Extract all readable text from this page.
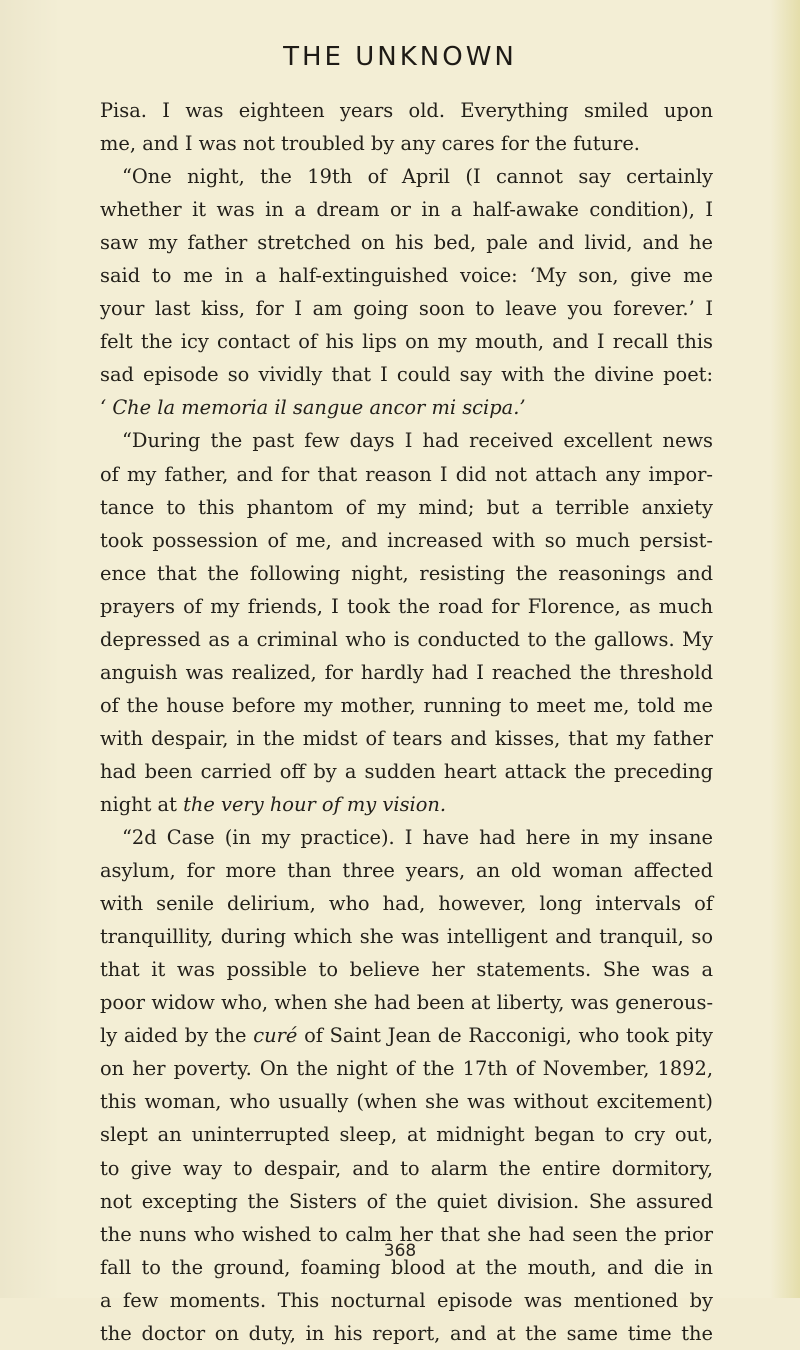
THE UNKNOWN
Pisa. I was eighteen years old. Everything smiled upon
me, and I was not troubled by any cares for the future.
“One night, the 19th of April (I cannot say certainly
whether it was in a dream or in a half-awake condition), I
saw my father stretched on his bed, pale and livid, and he
said to me in a half-extinguished voice: ‘My son, give me
your last kiss, for I am going soon to leave you forever.’ I
felt the icy contact of his lips on my mouth, and I recall this
sad episode so vividly that I could say with the divine poet:
‘ Che la memoria il sangue ancor mi scipa.’
“During the past few days I had received excellent news
of my father, and for that reason I did not attach any impor-
tance to this phantom of my mind; but a terrible anxiety
took possession of me, and increased with so much persist-
ence that the following night, resisting the reasonings and
prayers of my friends, I took the road for Florence, as much
depressed as a criminal who is conducted to the gallows. My
anguish was realized, for hardly had I reached the threshold
of the house before my mother, running to meet me, told me
with despair, in the midst of tears and kisses, that my father
had been carried off by a sudden heart attack the preceding
night at the very hour of my vision.
“2d Case (in my practice). I have had here in my insane
asylum, for more than three years, an old woman affected
with senile delirium, who had, however, long intervals of
tranquillity, during which she was intelligent and tranquil, so
that it was possible to believe her statements. She was a
poor widow who, when she had been at liberty, was generous-
ly aided by the curé of Saint Jean de Racconigi, who took pity
on her poverty. On the night of the 17th of November, 1892,
this woman, who usually (when she was without excitement)
slept an uninterrupted sleep, at midnight began to cry out,
to give way to despair, and to alarm the entire dormitory,
not excepting the Sisters of the quiet division. She assured
the nuns who wished to calm her that she had seen the prior
fall to the ground, foaming blood at the mouth, and die in
a few moments. This nocturnal episode was mentioned by
the doctor on duty, in his report, and at the same time the
368
